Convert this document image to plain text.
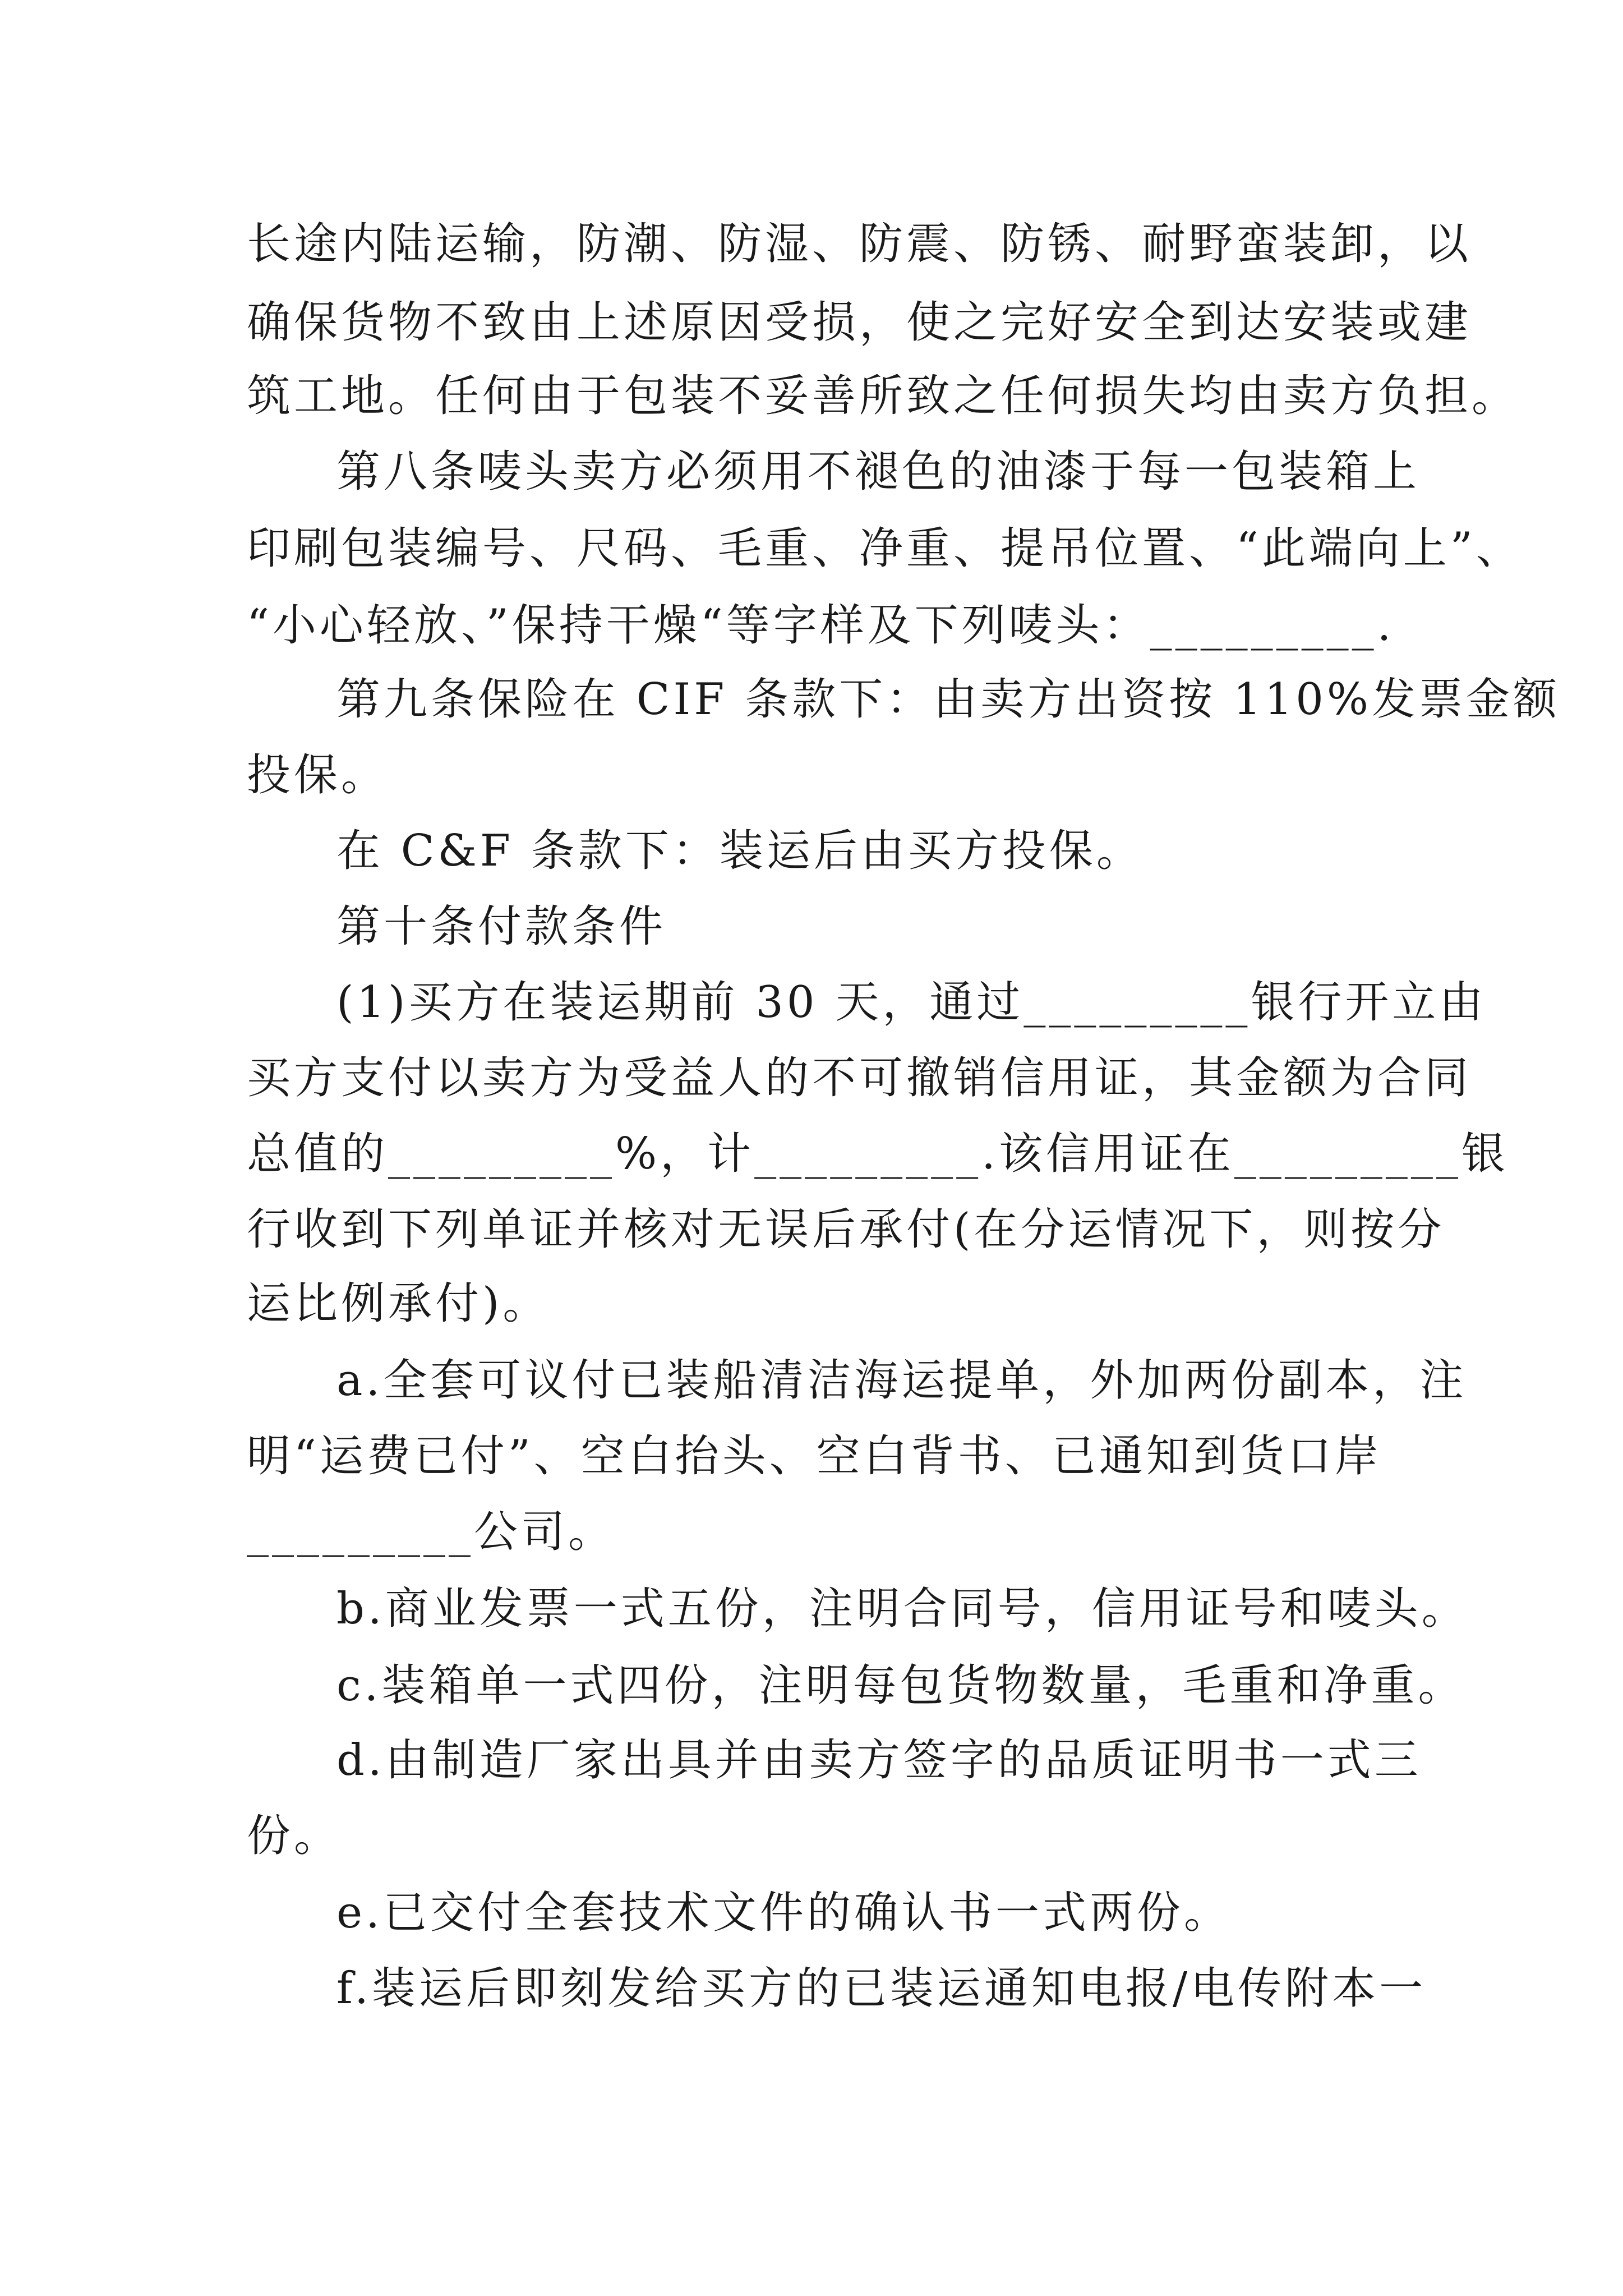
长途内陆运输，防潮、防湿、防震、防锈、耐野蛮装卸，以
确保货物不致由上述原因受损，使之完好安全到达安装或建
筑工地。任何由于包装不妥善所致之任何损失均由卖方负担。
第八条唛头卖方必须用不褪色的油漆于每一包装箱上
印刷包装编号、尺码、毛重、净重、提吊位置、“此端向上”、
“小心轻放、”保持干燥“等字样及下列唛头：_________.
第九条保险在 CIF 条款下：由卖方出资按 110%发票金额
投保。
在 C&F 条款下：装运后由买方投保。
第十条付款条件
(1)买方在装运期前 30 天，通过_________银行开立由
买方支付以卖方为受益人的不可撤销信用证，其金额为合同
总值的_________%，计_________.该信用证在_________银
行收到下列单证并核对无误后承付(在分运情况下，则按分
运比例承付)。
a.全套可议付已装船清洁海运提单，外加两份副本，注
明“运费已付”、空白抬头、空白背书、已通知到货口岸
_________公司。
b.商业发票一式五份，注明合同号，信用证号和唛头。
c.装箱单一式四份，注明每包货物数量，毛重和净重。
d.由制造厂家出具并由卖方签字的品质证明书一式三
份。
e.已交付全套技术文件的确认书一式两份。
f.装运后即刻发给买方的已装运通知电报/电传附本一
